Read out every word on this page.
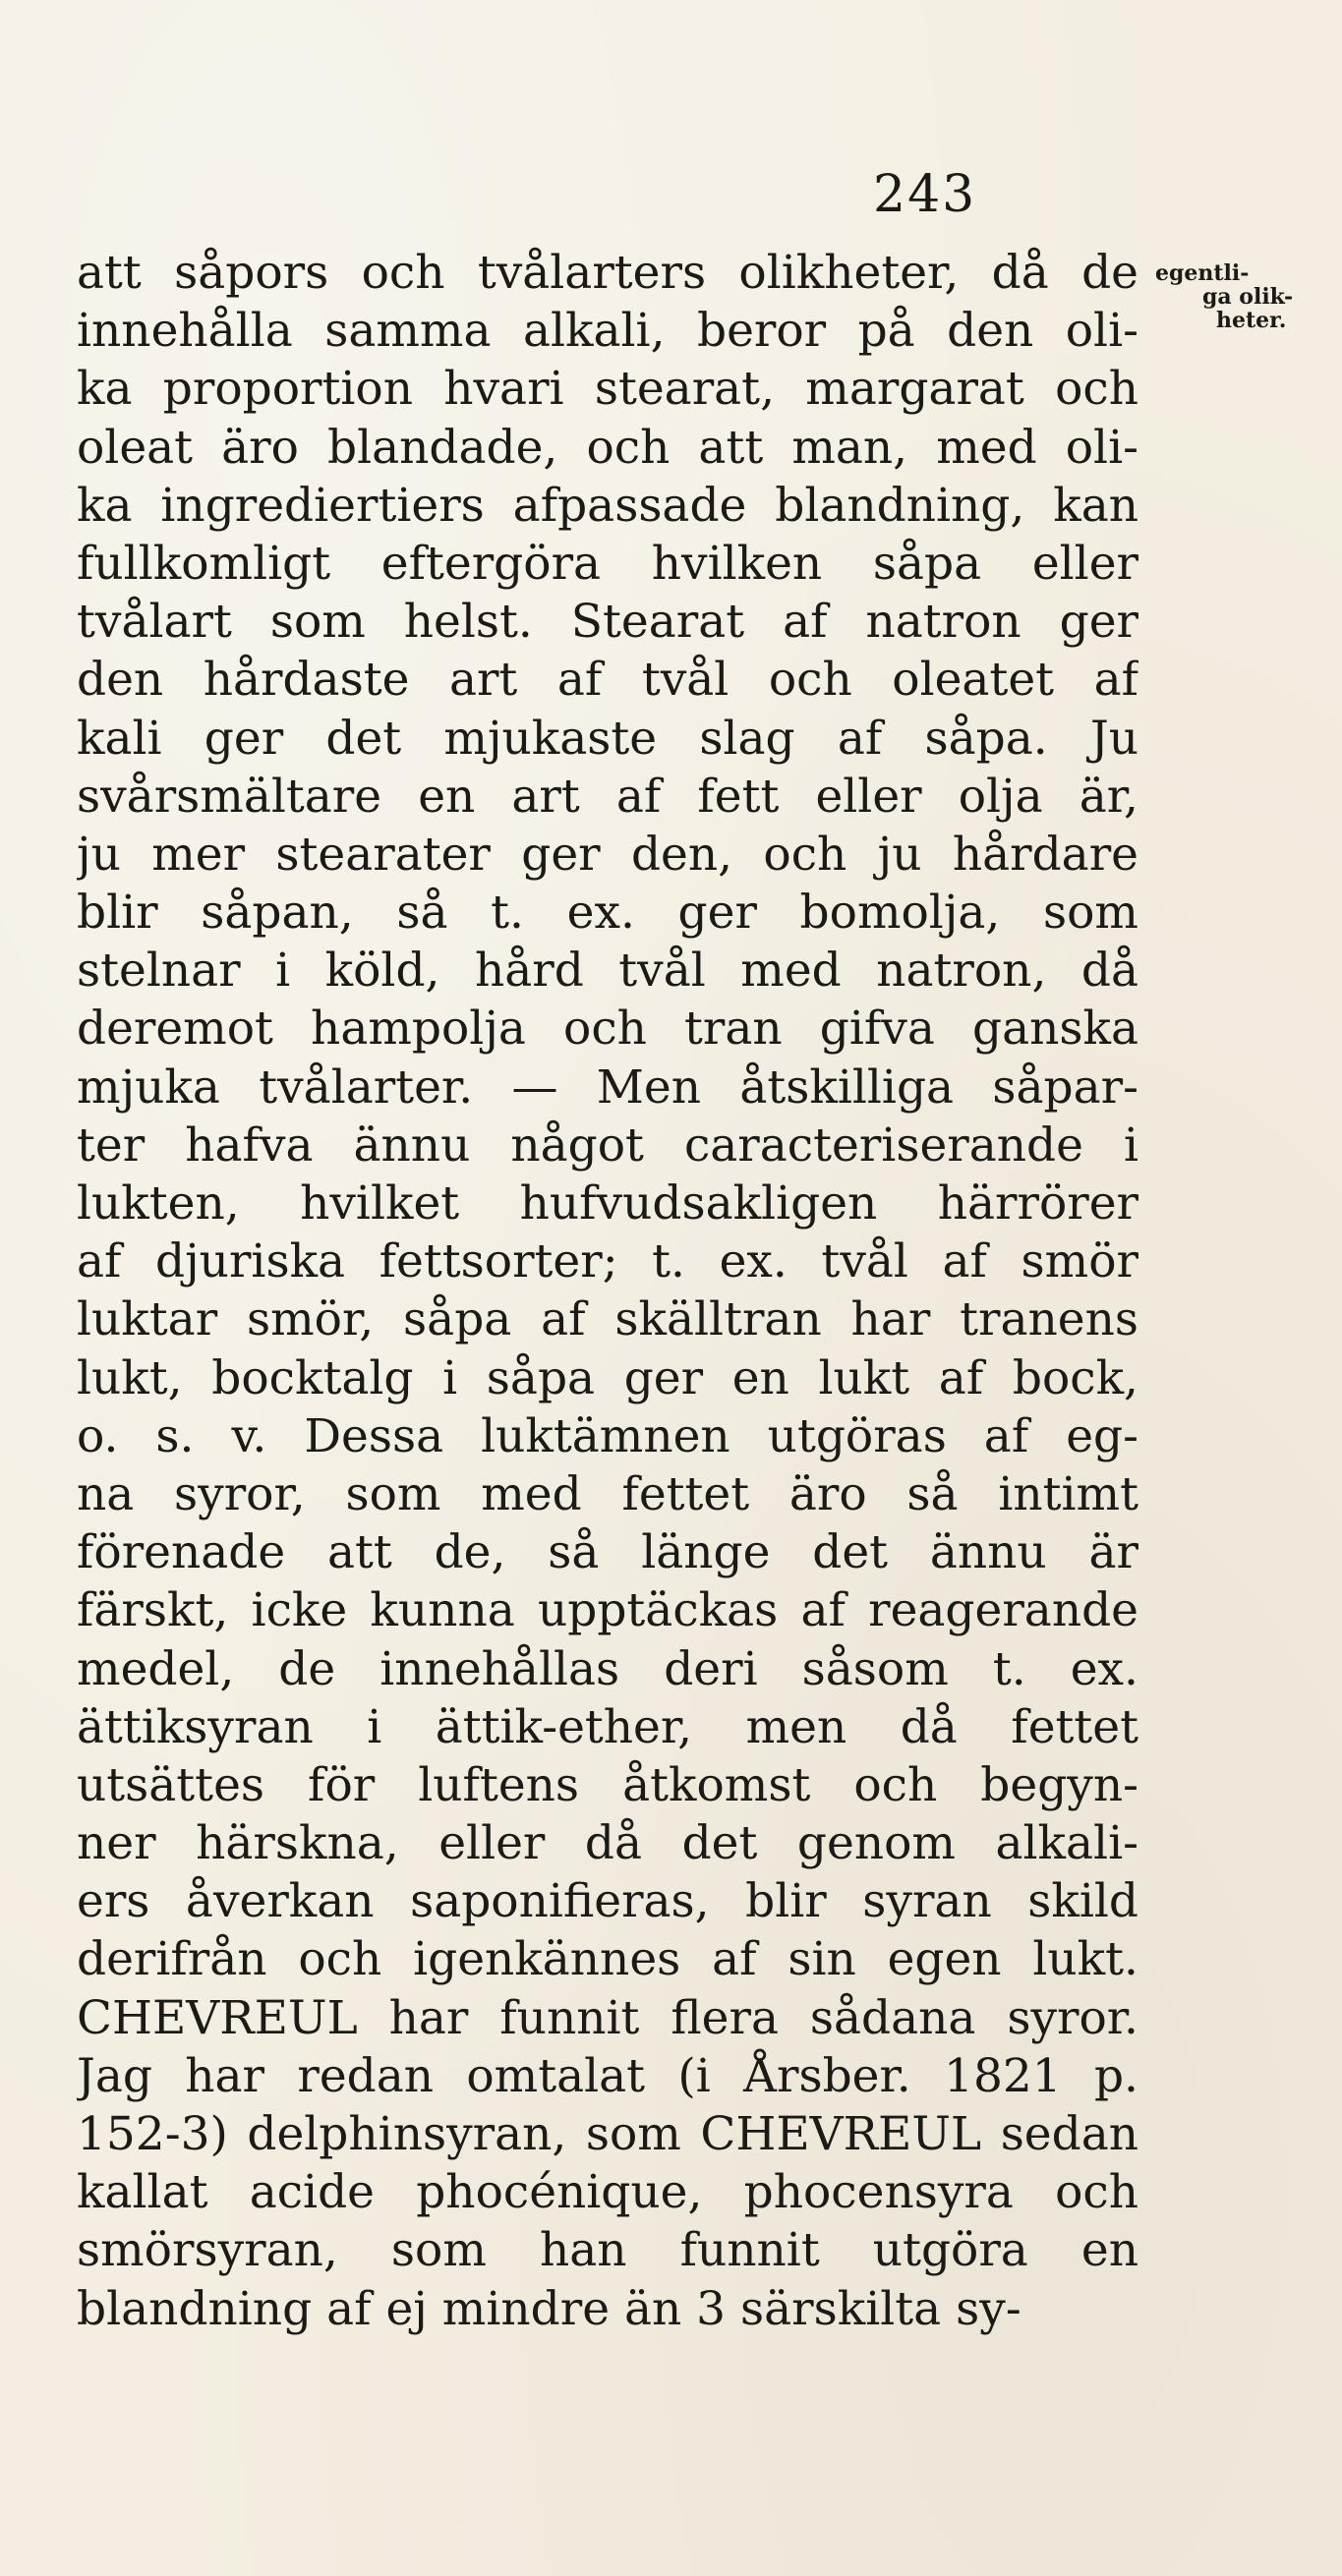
243
egentli-
ga olik-
heter.
att såpors och tvålarters olikheter, då de
innehålla samma alkali, beror på den oli-
ka proportion hvari stearat, margarat och
oleat äro blandade, och att man, med oli-
ka ingrediertiers afpassade blandning, kan
fullkomligt eftergöra hvilken såpa eller
tvålart som helst. Stearat af natron ger
den hårdaste art af tvål och oleatet af
kali ger det mjukaste slag af såpa. Ju
svårsmältare en art af fett eller olja är,
ju mer stearater ger den, och ju hårdare
blir såpan, så t. ex. ger bomolja, som
stelnar i köld, hård tvål med natron, då
deremot hampolja och tran gifva ganska
mjuka tvålarter. — Men åtskilliga såpar-
ter hafva ännu något caracteriserande i
lukten, hvilket hufvudsakligen härrörer
af djuriska fettsorter; t. ex. tvål af smör
luktar smör, såpa af skälltran har tranens
lukt, bocktalg i såpa ger en lukt af bock,
o. s. v. Dessa luktämnen utgöras af eg-
na syror, som med fettet äro så intimt
förenade att de, så länge det ännu är
färskt, icke kunna upptäckas af reagerande
medel, de innehållas deri såsom t. ex.
ättiksyran i ättik-ether, men då fettet
utsättes för luftens åtkomst och begyn-
ner härskna, eller då det genom alkali-
ers åverkan saponifieras, blir syran skild
derifrån och igenkännes af sin egen lukt.
CHEVREUL har funnit flera sådana syror.
Jag har redan omtalat (i Årsber. 1821 p.
152-3) delphinsyran, som CHEVREUL sedan
kallat acide phocénique, phocensyra och
smörsyran, som han funnit utgöra en
blandning af ej mindre än 3 särskilta sy-
